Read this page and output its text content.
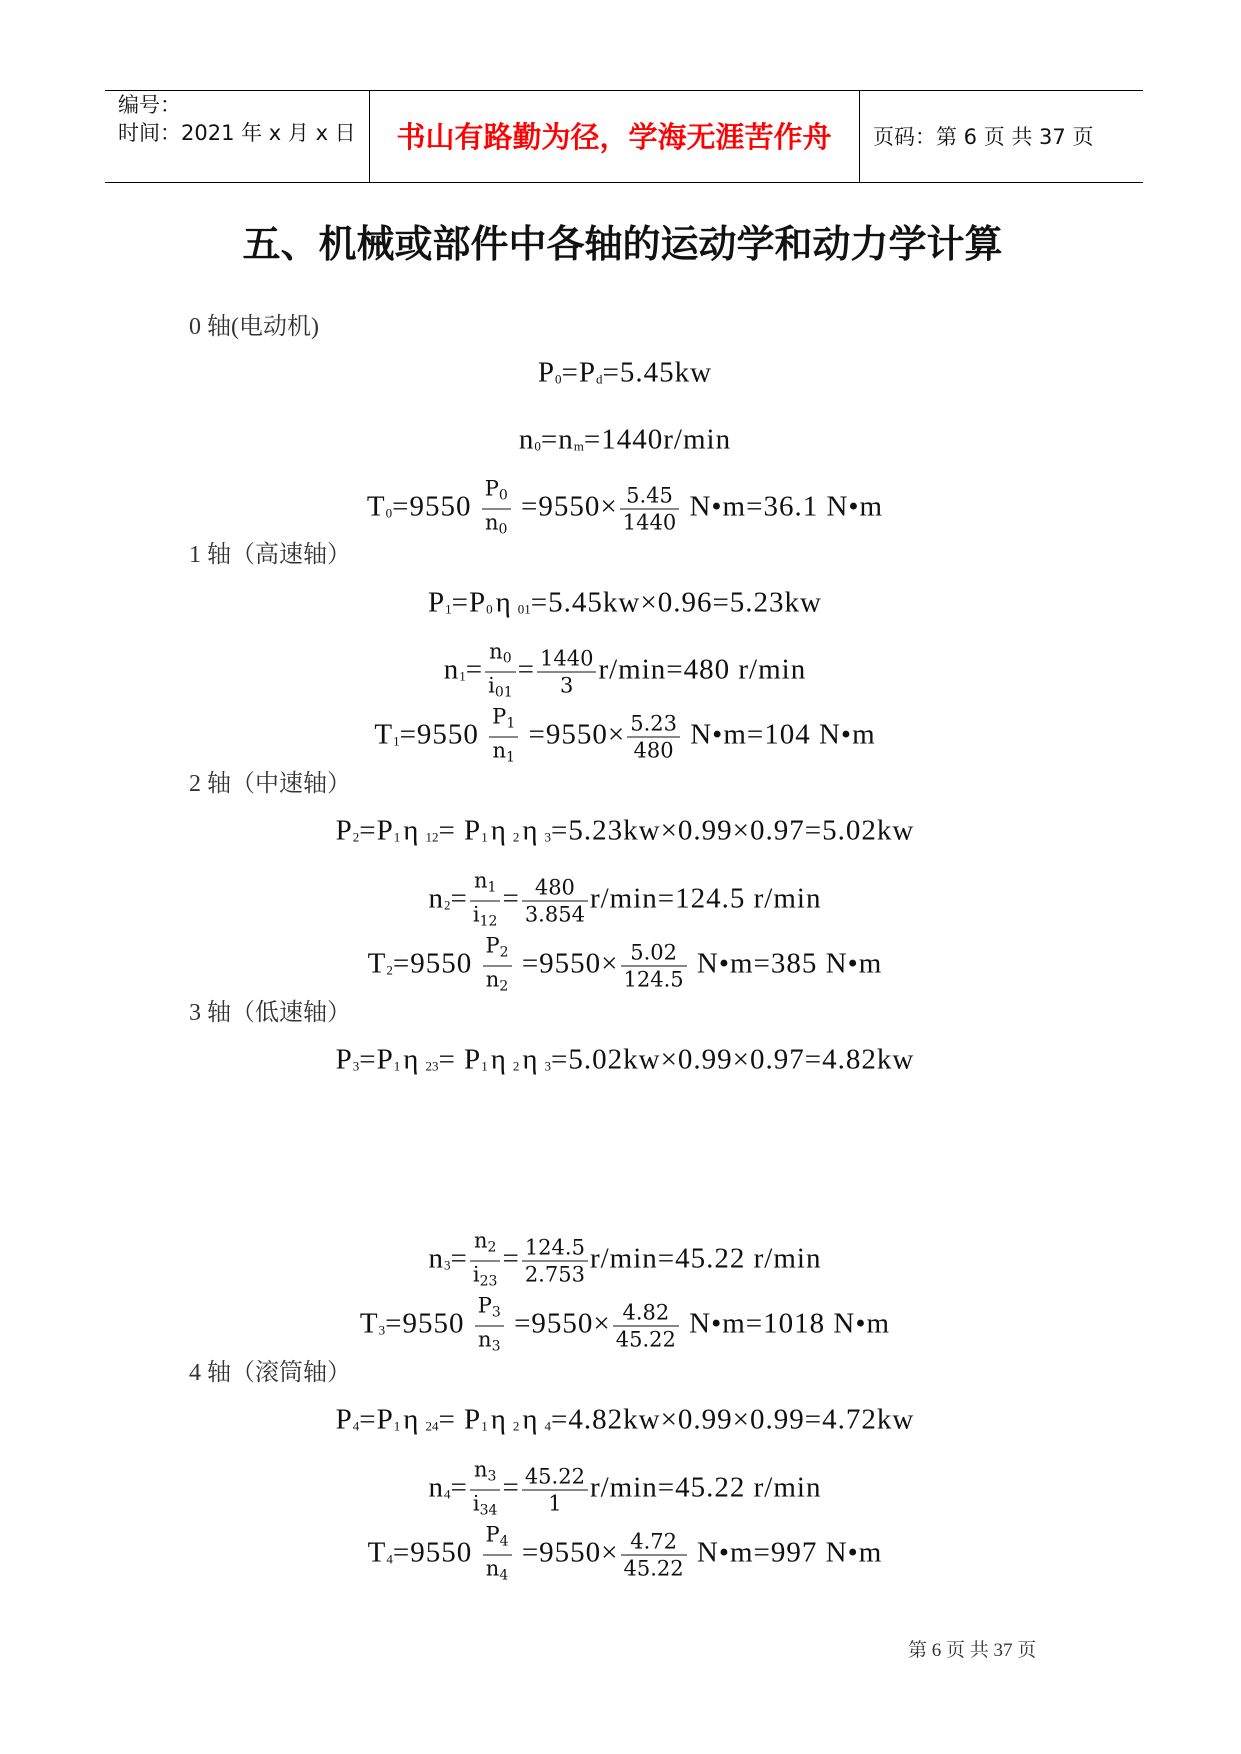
编号：
时间：2021 年 x 月 x 日	书山有路勤为径，学海无涯苦作舟	页码：第 6 页 共 37 页
五、机械或部件中各轴的运动学和动力学计算
第 6 页 共 37 页
0 轴(电动机)
P0=Pd=5.45kw
n0=nm=1440r/min
$T0=9550 \frac{P0}{n0} =9550\times \frac{5.45}{1440}$ N•m=36.1 N•m
1 轴（高速轴）
P1=P0 η 01=5.45kw×0.96=5.23kw
$n1= \frac{n0}{i01} = \frac{1440}{3} r/\min=480$ r/min
$T1=9550 \frac{P1}{n1} =9550\times \frac{5.23}{480}$ N•m=104 N•m
2 轴（中速轴）
P2=P1 η 12= P1 η 2 η 3=5.23kw×0.99×0.97=5.02kw
$n2= \frac{n1}{i12} = \frac{480}{3.854} r/\min=124.5$ r/min
$T2=9550 \frac{P2}{n2} =9550\times \frac{5.02}{124.5}$ N•m=385 N•m
3 轴（低速轴）
P3=P1 η 23= P1 η 2 η 3=5.02kw×0.99×0.97=4.82kw
$n3= \frac{n2}{i23} = \frac{124.5}{2.753} r/\min=45.22$ r/min
$T3=9550 \frac{P3}{n3} =9550\times \frac{4.82}{45.22}$ N•m=1018 N•m
4 轴（滚筒轴）
P4=P1 η 24= P1 η 2 η 4=4.82kw×0.99×0.99=4.72kw
$n4= \frac{n3}{i34} = \frac{45.22}{1} r/\min=45.22$ r/min
$T4=9550 \frac{P4}{n4} =9550\times \frac{4.72}{45.22}$ N•m=997 N•m
